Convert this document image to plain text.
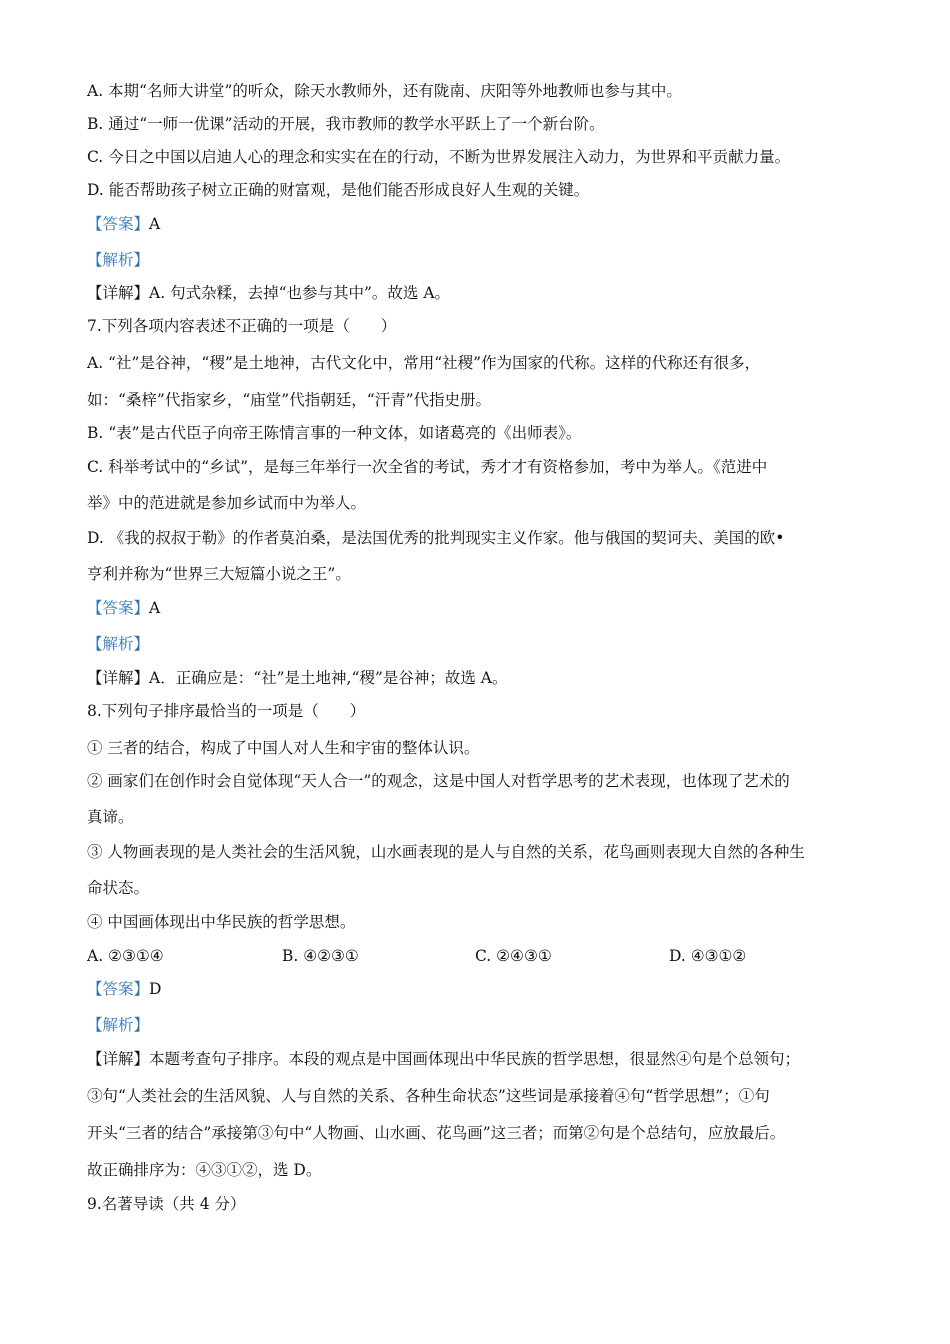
A. 本期“名师大讲堂”的听众，除天水教师外，还有陇南、庆阳等外地教师也参与其中。
B. 通过“一师一优课”活动的开展，我市教师的教学水平跃上了一个新台阶。
C. 今日之中国以启迪人心的理念和实实在在的行动，不断为世界发展注入动力，为世界和平贡献力量。
D. 能否帮助孩子树立正确的财富观，是他们能否形成良好人生观的关键。
【答案】A
【解析】
【详解】A. 句式杂糅，去掉“也参与其中”。故选 A。
7.下列各项内容表述不正确的一项是（　　）
A. “社”是谷神，“稷”是土地神，古代文化中，常用“社稷”作为国家的代称。这样的代称还有很多，
如：“桑梓”代指家乡，“庙堂”代指朝廷，“汗青”代指史册。
B. “表”是古代臣子向帝王陈情言事的一种文体，如诸葛亮的《出师表》。
C. 科举考试中的“乡试”，是每三年举行一次全省的考试，秀才才有资格参加，考中为举人。《范进中
举》中的范进就是参加乡试而中为举人。
D. 《我的叔叔于勒》的作者莫泊桑，是法国优秀的批判现实主义作家。他与俄国的契诃夫、美国的欧•
亨利并称为“世界三大短篇小说之王”。
【答案】A
【解析】
【详解】A．正确应是：“社”是土地神,“稷”是谷神；故选 A。
8.下列句子排序最恰当的一项是（　　）
① 三者的结合，构成了中国人对人生和宇宙的整体认识。
② 画家们在创作时会自觉体现“天人合一”的观念，这是中国人对哲学思考的艺术表现，也体现了艺术的
真谛。
③ 人物画表现的是人类社会的生活风貌，山水画表现的是人与自然的关系，花鸟画则表现大自然的各种生
命状态。
④ 中国画体现出中华民族的哲学思想。
A. ②③①④	B. ④②③①	C. ②④③①	D. ④③①②
【答案】D
【解析】
【详解】本题考查句子排序。本段的观点是中国画体现出中华民族的哲学思想，很显然④句是个总领句；
③句“人类社会的生活风貌、人与自然的关系、各种生命状态”这些词是承接着④句“哲学思想”；①句
开头“三者的结合”承接第③句中“人物画、山水画、花鸟画”这三者；而第②句是个总结句，应放最后。
故正确排序为：④③①②，选 D。
9.名著导读（共 4 分）
